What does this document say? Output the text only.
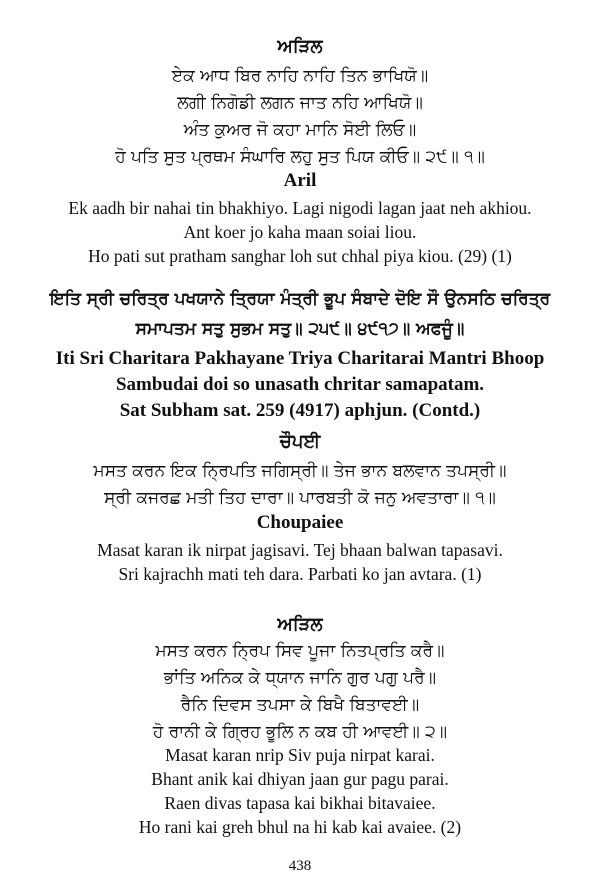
ਅੜਿਲ
ਏਕ ਆਧ ਬਿਰ ਨਾਹਿ ਨਾਹਿ ਤਿਨ ਭਾਖਿਯੋ॥
ਲਗੀ ਨਿਗੋਡੀ ਲਗਨ ਜਾਤ ਨਹਿ ਆਖਿਯੋ॥
ਅੰਤ ਕੁਅਰ ਜੋ ਕਹਾ ਮਾਨਿ ਸੋਈ ਲਿਓ॥
ਹੋ ਪਤਿ ਸੁਤ ਪ੍ਰਥਮ ਸੰਘਾਰਿ ਲਹੁ ਸੁਤ ਪਿਯ ਕੀਓ॥ ੨੯॥ ੧॥
Aril
Ek aadh bir nahai tin bhakhiyo. Lagi nigodi lagan jaat neh akhiou.
Ant koer jo kaha maan soiai liou.
Ho pati sut pratham sanghar loh sut chhal piya kiou. (29) (1)
ਇਤਿ ਸ੍ਰੀ ਚਰਿਤ੍ਰ ਪਖਯਾਨੇ ਤ੍ਰਿਯਾ ਮੰਤ੍ਰੀ ਭੂਪ ਸੰਬਾਦੇ ਦੋਇ ਸੌ ਉਨਸਠਿ ਚਰਿਤ੍ਰ
ਸਮਾਪਤਮ ਸਤੁ ਸੁਭਮ ਸਤੁ॥ ੨੫੯॥ ੪੯੧੭॥ ਅਫਜੂੰ॥
Iti Sri Charitara Pakhayane Triya Charitarai Mantri Bhoop
Sambudai doi so unasath chritar samapatam.
Sat Subham sat. 259 (4917) aphjun. (Contd.)
ਚੌਪਈ
ਮਸਤ ਕਰਨ ਇਕ ਨ੍ਰਿਪਤਿ ਜਗਿਸ੍ਰੀ॥ ਤੇਜ ਭਾਨ ਬਲਵਾਨ ਤਪਸ੍ਰੀ॥
ਸ੍ਰੀ ਕਜਰਛ ਮਤੀ ਤਿਹ ਦਾਰਾ॥ ਪਾਰਬਤੀ ਕੋ ਜਨੁ ਅਵਤਾਰਾ॥ ੧॥
Choupaiee
Masat karan ik nirpat jagisavi. Tej bhaan balwan tapasavi.
Sri kajrachh mati teh dara. Parbati ko jan avtara. (1)
ਅੜਿਲ
ਮਸਤ ਕਰਨ ਨ੍ਰਿਪ ਸਿਵ ਪੂਜਾ ਨਿਤਪ੍ਰਤਿ ਕਰੈ॥
ਭਾਂਤਿ ਅਨਿਕ ਕੇ ਧ੍ਯਾਨ ਜਾਨਿ ਗੁਰ ਪਗੁ ਪਰੈ॥
ਰੈਨਿ ਦਿਵਸ ਤਪਸਾ ਕੇ ਬਿਖੈ ਬਿਤਾਵਈ॥
ਹੋ ਰਾਨੀ ਕੇ ਗ੍ਰਿਹ ਭੂਲਿ ਨ ਕਬ ਹੀ ਆਵਈ॥ ੨॥
Masat karan nrip Siv puja nirpat karai.
Bhant anik kai dhiyan jaan gur pagu parai.
Raen divas tapasa kai bikhai bitavaiee.
Ho rani kai greh bhul na hi kab kai avaiee. (2)
438
